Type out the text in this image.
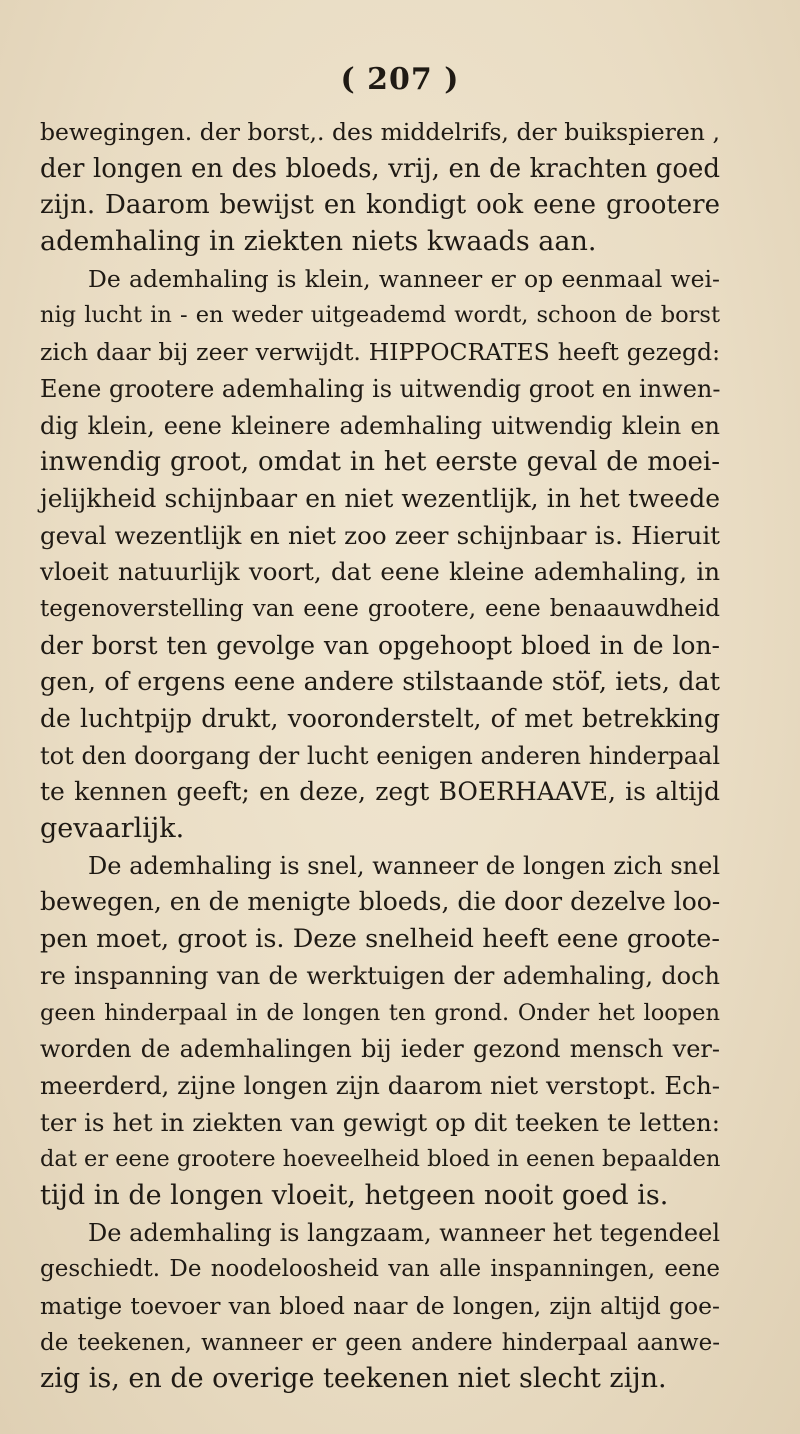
( 207 )
bewegingen. der borst,. des middelrifs, der buikspieren ,
der longen en des bloeds, vrij, en de krachten goed
zijn. Daarom bewijst en kondigt ook eene grootere
ademhaling in ziekten niets kwaads aan.
De ademhaling is klein, wanneer er op eenmaal wei-
nig lucht in - en weder uitgeademd wordt, schoon de borst
zich daar bij zeer verwijdt. HIPPOCRATES heeft gezegd:
Eene grootere ademhaling is uitwendig groot en inwen-
dig klein, eene kleinere ademhaling uitwendig klein en
inwendig groot, omdat in het eerste geval de moei-
jelijkheid schijnbaar en niet wezentlijk, in het tweede
geval wezentlijk en niet zoo zeer schijnbaar is. Hieruit
vloeit natuurlijk voort, dat eene kleine ademhaling, in
tegenoverstelling van eene grootere, eene benaauwdheid
der borst ten gevolge van opgehoopt bloed in de lon-
gen, of ergens eene andere stilstaande stöf, iets, dat
de luchtpijp drukt, vooronderstelt, of met betrekking
tot den doorgang der lucht eenigen anderen hinderpaal
te kennen geeft; en deze, zegt BOERHAAVE, is altijd
gevaarlijk.
De ademhaling is snel, wanneer de longen zich snel
bewegen, en de menigte bloeds, die door dezelve loo-
pen moet, groot is. Deze snelheid heeft eene groote-
re inspanning van de werktuigen der ademhaling, doch
geen hinderpaal in de longen ten grond. Onder het loopen
worden de ademhalingen bij ieder gezond mensch ver-
meerderd, zijne longen zijn daarom niet verstopt. Ech-
ter is het in ziekten van gewigt op dit teeken te letten:
dat er eene grootere hoeveelheid bloed in eenen bepaalden
tijd in de longen vloeit, hetgeen nooit goed is.
De ademhaling is langzaam, wanneer het tegendeel
geschiedt. De noodeloosheid van alle inspanningen, eene
matige toevoer van bloed naar de longen, zijn altijd goe-
de teekenen, wanneer er geen andere hinderpaal aanwe-
zig is, en de overige teekenen niet slecht zijn.
